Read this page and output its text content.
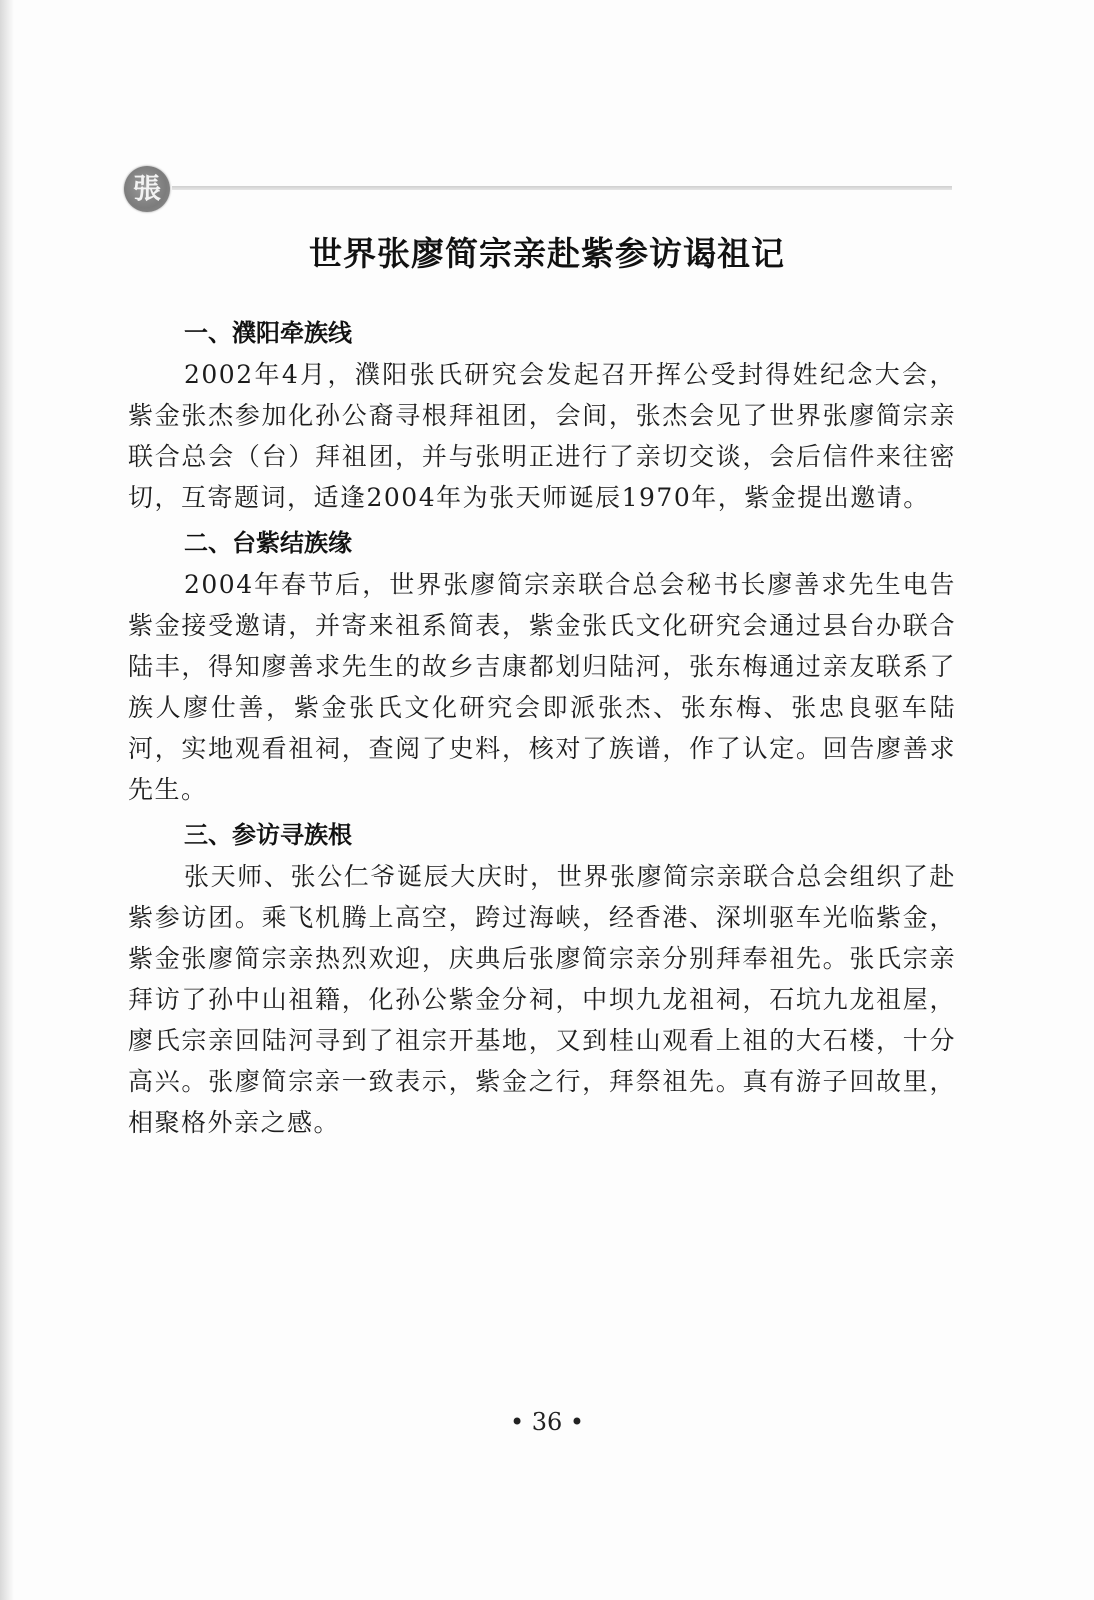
張
世界张廖简宗亲赴紫参访谒祖记
一、濮阳牵族线

2002年4月，濮阳张氏研究会发起召开挥公受封得姓纪念大会，紫金张杰参加化孙公裔寻根拜祖团，会间，张杰会见了世界张廖简宗亲联合总会（台）拜祖团，并与张明正进行了亲切交谈，会后信件来往密切，互寄题词，适逢2004年为张天师诞辰1970年，紫金提出邀请。

二、台紫结族缘

2004年春节后，世界张廖简宗亲联合总会秘书长廖善求先生电告紫金接受邀请，并寄来祖系简表，紫金张氏文化研究会通过县台办联合陆丰，得知廖善求先生的故乡吉康都划归陆河，张东梅通过亲友联系了族人廖仕善，紫金张氏文化研究会即派张杰、张东梅、张忠良驱车陆河，实地观看祖祠，查阅了史料，核对了族谱，作了认定。回告廖善求先生。

三、参访寻族根

张天师、张公仁爷诞辰大庆时，世界张廖简宗亲联合总会组织了赴紫参访团。乘飞机腾上高空，跨过海峡，经香港、深圳驱车光临紫金，紫金张廖简宗亲热烈欢迎，庆典后张廖简宗亲分别拜奉祖先。张氏宗亲拜访了孙中山祖籍，化孙公紫金分祠，中坝九龙祖祠，石坑九龙祖屋，廖氏宗亲回陆河寻到了祖宗开基地，又到桂山观看上祖的大石楼，十分高兴。张廖简宗亲一致表示，紫金之行，拜祭祖先。真有游子回故里，相聚格外亲之感。

• 36 •
